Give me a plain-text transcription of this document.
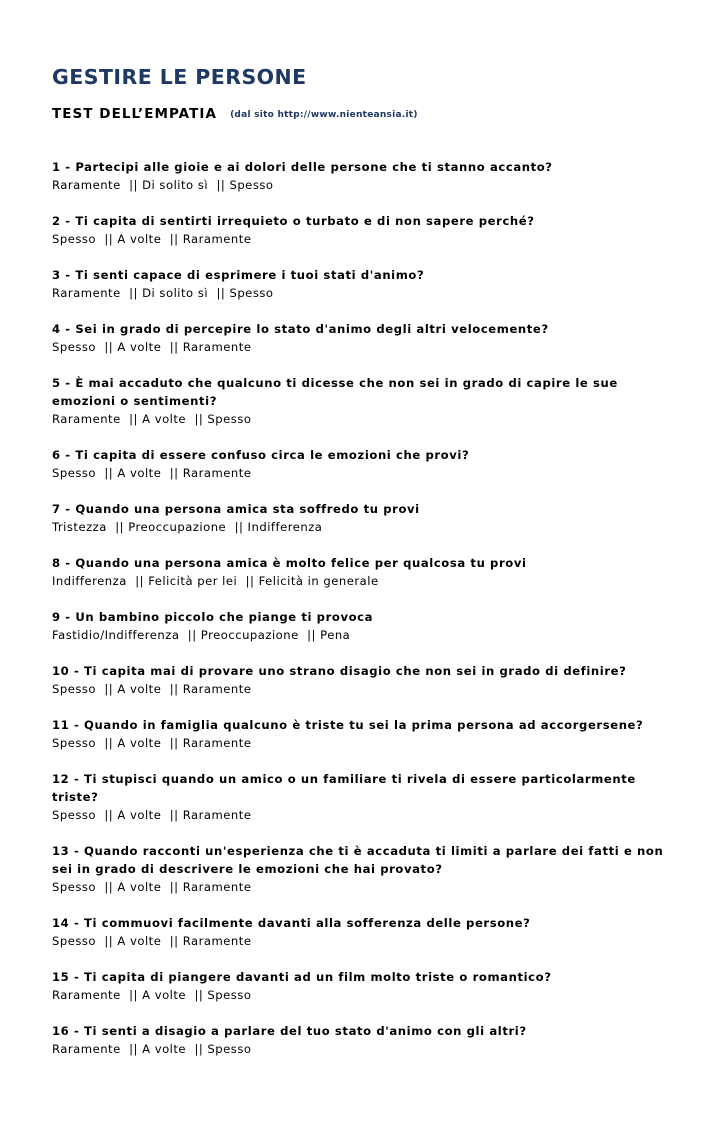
GESTIRE LE PERSONE
TEST DELL’EMPATIA (dal sito http://www.nienteansia.it)
1 - Partecipi alle gioie e ai dolori delle persone che ti stanno accanto?
Raramente  || Di solito sì  || Spesso
2 - Ti capita di sentirti irrequieto o turbato e di non sapere perché?
Spesso  || A volte  || Raramente
3 - Ti senti capace di esprimere i tuoi stati d'animo?
Raramente  || Di solito sì  || Spesso
4 - Sei in grado di percepire lo stato d'animo degli altri velocemente?
Spesso  || A volte  || Raramente
5 - È mai accaduto che qualcuno ti dicesse che non sei in grado di capire le sue emozioni o sentimenti?
Raramente  || A volte  || Spesso
6 - Ti capita di essere confuso circa le emozioni che provi?
Spesso  || A volte  || Raramente
7 - Quando una persona amica sta soffredo tu provi
Tristezza  || Preoccupazione  || Indifferenza
8 - Quando una persona amica è molto felice per qualcosa tu provi
Indifferenza  || Felicità per lei  || Felicità in generale
9 - Un bambino piccolo che piange ti provoca
Fastidio/Indifferenza  || Preoccupazione  || Pena
10 - Ti capita mai di provare uno strano disagio che non sei in grado di definire?
Spesso  || A volte  || Raramente
11 - Quando in famiglia qualcuno è triste tu sei la prima persona ad accorgersene?
Spesso  || A volte  || Raramente
12 - Ti stupisci quando un amico o un familiare ti rivela di essere particolarmente triste?
Spesso  || A volte  || Raramente
13 - Quando racconti un'esperienza che ti è accaduta ti limiti a parlare dei fatti e non sei in grado di descrivere le emozioni che hai provato?
Spesso  || A volte  || Raramente
14 - Ti commuovi facilmente davanti alla sofferenza delle persone?
Spesso  || A volte  || Raramente
15 - Ti capita di piangere davanti ad un film molto triste o romantico?
Raramente  || A volte  || Spesso
16 - Ti senti a disagio a parlare del tuo stato d'animo con gli altri?
Raramente  || A volte  || Spesso
